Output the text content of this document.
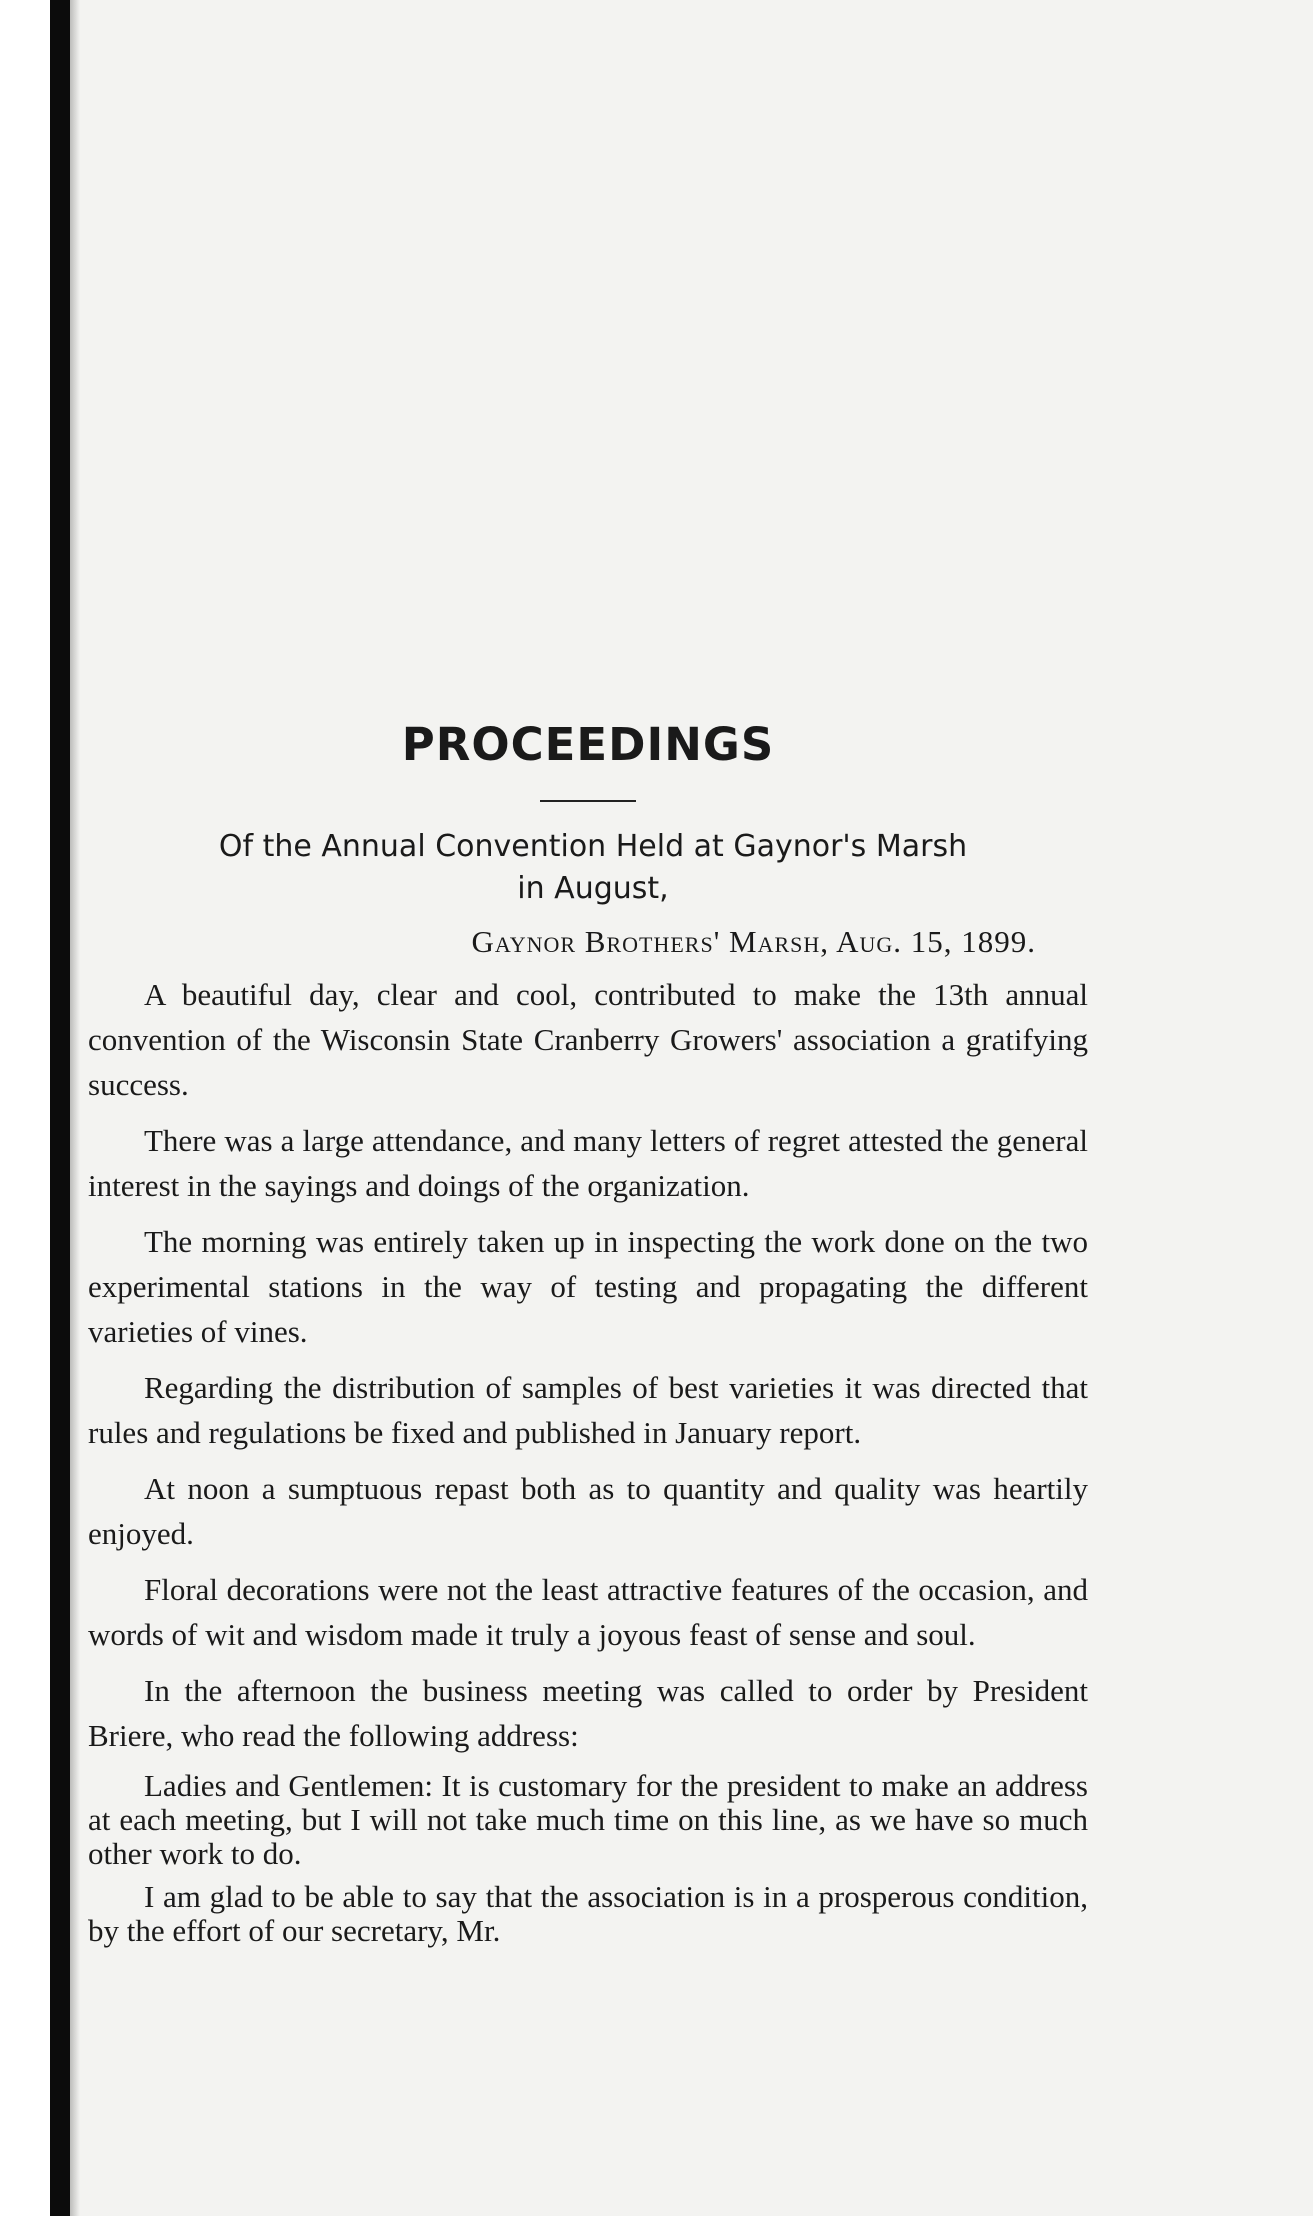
PROCEEDINGS
Of the Annual Convention Held at Gaynor's Marsh
in August,

Gaynor Brothers' Marsh, Aug. 15, 1899.

A beautiful day, clear and cool, contributed to make the 13th annual convention of the Wisconsin State Cranberry Growers' association a gratifying success.

There was a large attendance, and many letters of regret attested the general interest in the sayings and doings of the organization.

The morning was entirely taken up in inspecting the work done on the two experimental stations in the way of testing and propagating the different varieties of vines.

Regarding the distribution of samples of best varieties it was directed that rules and regulations be fixed and published in January report.

At noon a sumptuous repast both as to quantity and quality was heartily enjoyed.

Floral decorations were not the least attractive features of the occasion, and words of wit and wisdom made it truly a joyous feast of sense and soul.

In the afternoon the business meeting was called to order by President Briere, who read the following address:

Ladies and Gentlemen: It is customary for the president to make an address at each meeting, but I will not take much time on this line, as we have so much other work to do.

I am glad to be able to say that the association is in a prosperous condition, by the effort of our secretary, Mr.
